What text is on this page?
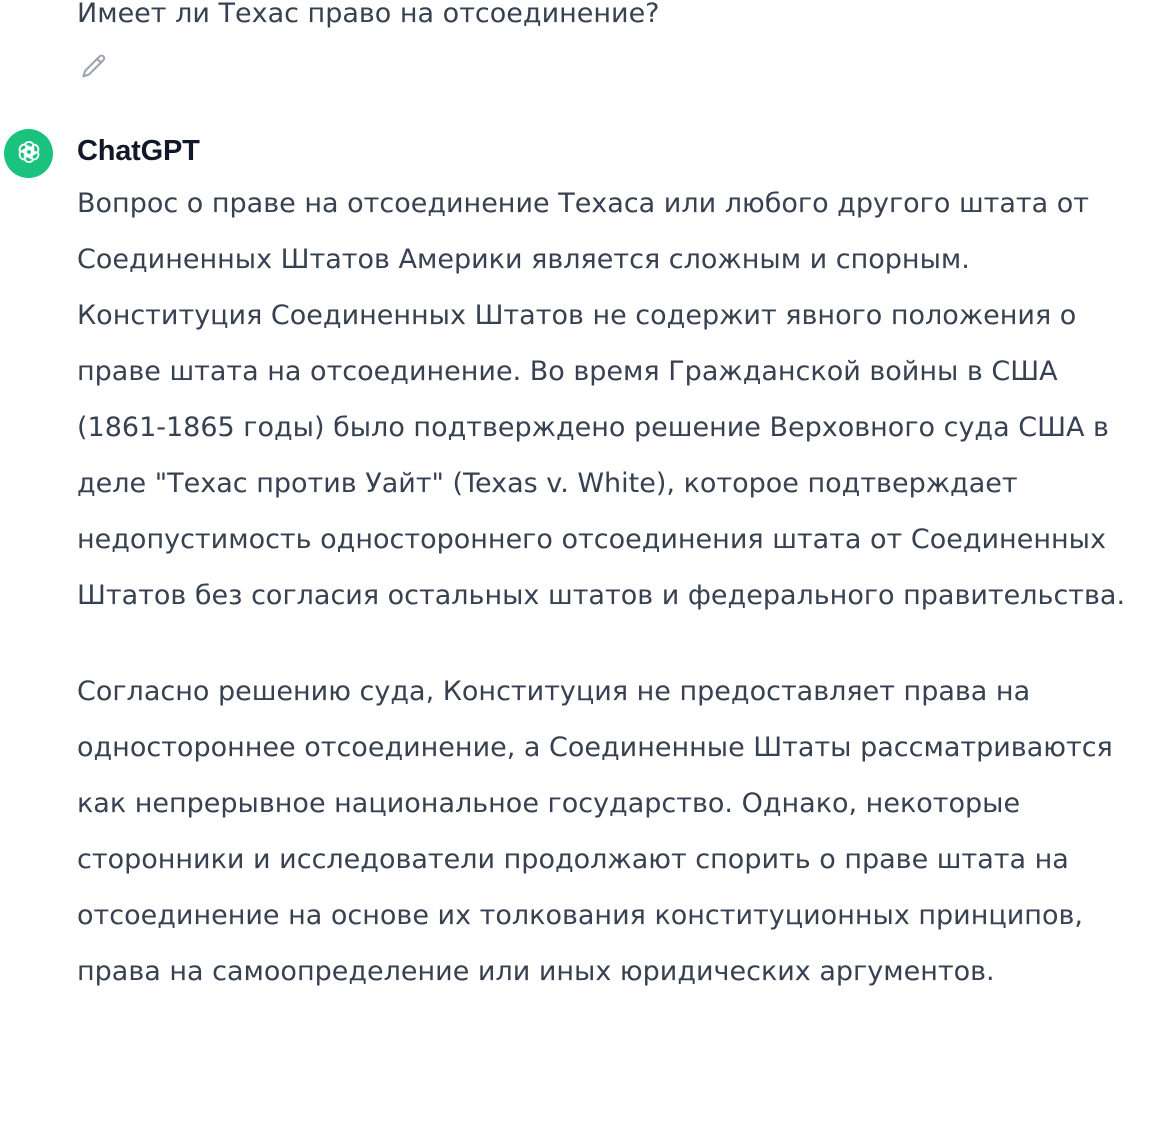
Имеет ли Техас право на отсоединение?
ChatGPT

Вопрос о праве на отсоединение Техаса или любого другого штата от Соединенных Штатов Америки является сложным и спорным. Конституция Соединенных Штатов не содержит явного положения о праве штата на отсоединение. Во время Гражданской войны в США (1861-1865 годы) было подтверждено решение Верховного суда США в деле "Техас против Уайт" (Texas v. White), которое подтверждает недопустимость одностороннего отсоединения штата от Соединенных Штатов без согласия остальных штатов и федерального правительства.

Согласно решению суда, Конституция не предоставляет права на одностороннее отсоединение, а Соединенные Штаты рассматриваются как непрерывное национальное государство. Однако, некоторые сторонники и исследователи продолжают спорить о праве штата на отсоединение на основе их толкования конституционных принципов, права на самоопределение или иных юридических аргументов.
